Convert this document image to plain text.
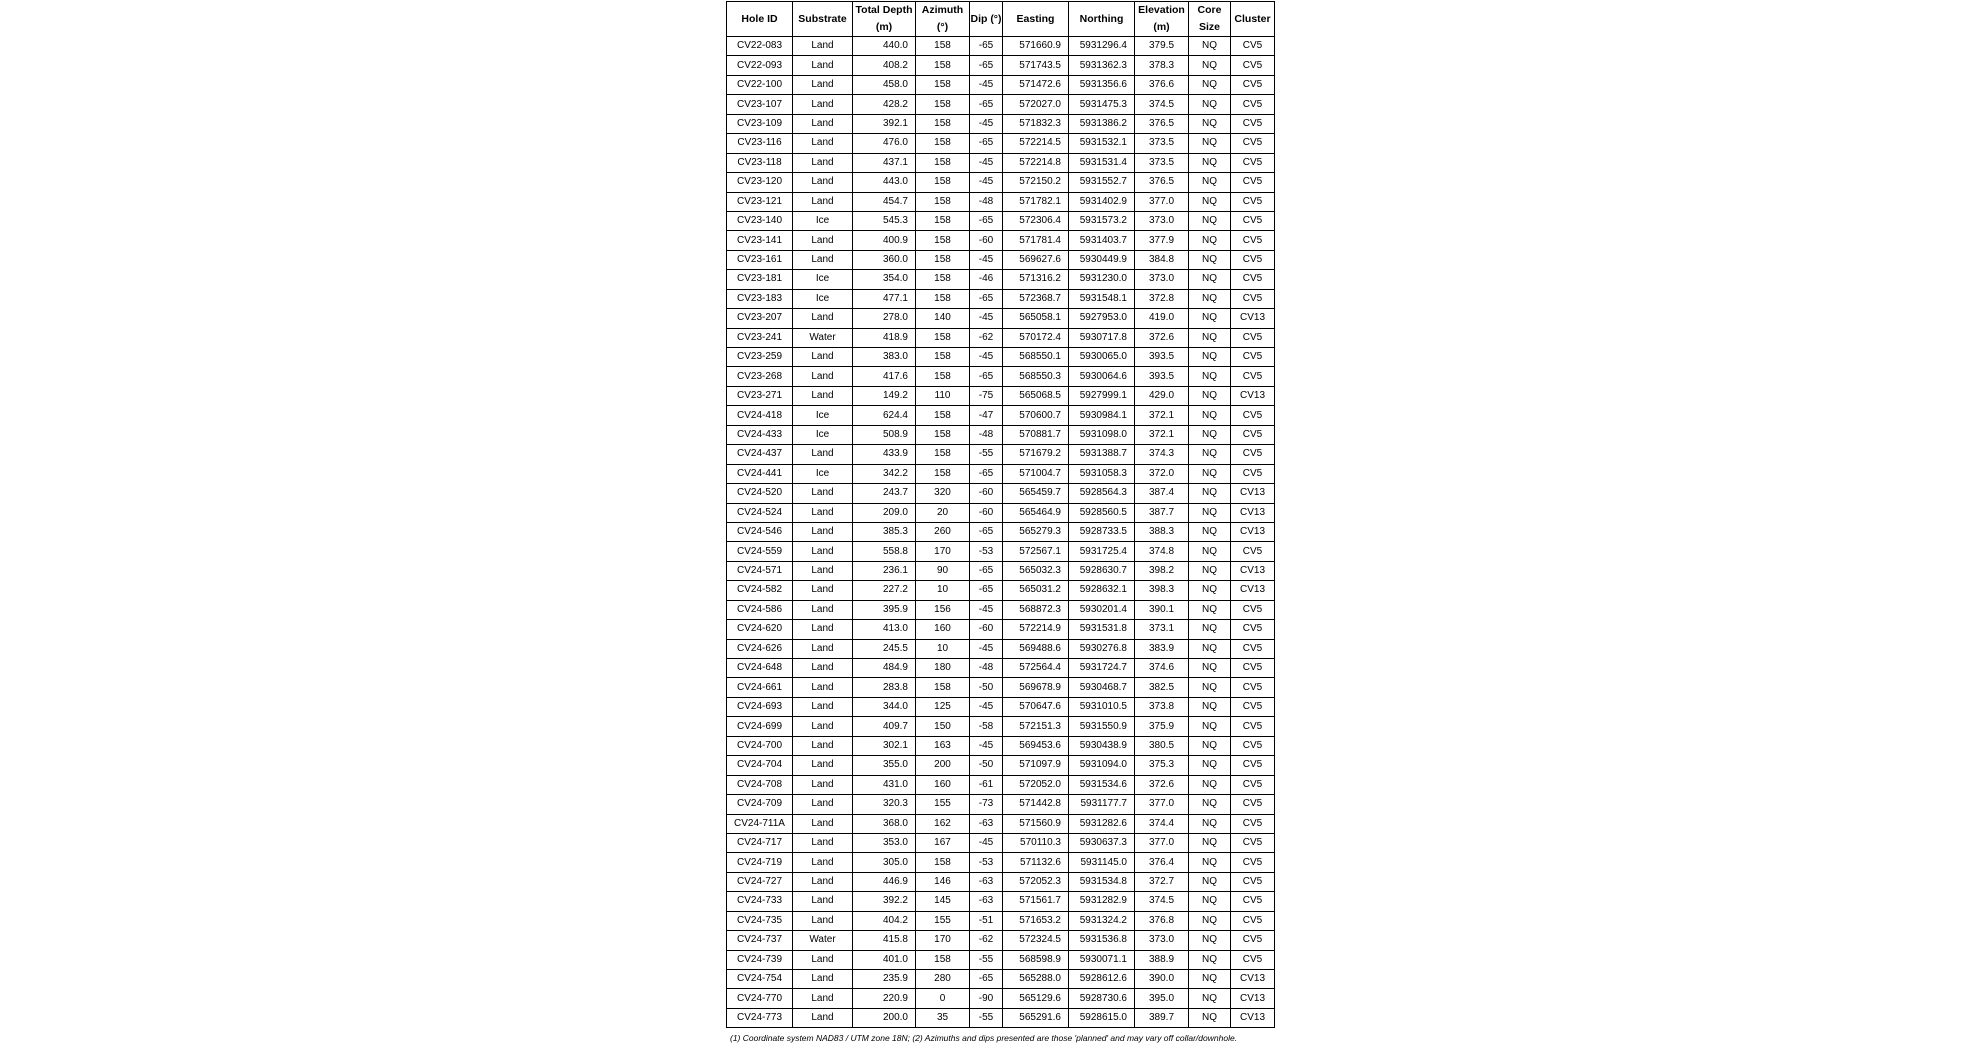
Hole ID	Substrate	Total Depth (m)	Azimuth (°)	Dip (°)	Easting	Northing	Elevation (m)	Core Size	Cluster
CV22-083	Land	440.0	158	-65	571660.9	5931296.4	379.5	NQ	CV5
CV22-093	Land	408.2	158	-65	571743.5	5931362.3	378.3	NQ	CV5
CV22-100	Land	458.0	158	-45	571472.6	5931356.6	376.6	NQ	CV5
CV23-107	Land	428.2	158	-65	572027.0	5931475.3	374.5	NQ	CV5
CV23-109	Land	392.1	158	-45	571832.3	5931386.2	376.5	NQ	CV5
CV23-116	Land	476.0	158	-65	572214.5	5931532.1	373.5	NQ	CV5
CV23-118	Land	437.1	158	-45	572214.8	5931531.4	373.5	NQ	CV5
CV23-120	Land	443.0	158	-45	572150.2	5931552.7	376.5	NQ	CV5
CV23-121	Land	454.7	158	-48	571782.1	5931402.9	377.0	NQ	CV5
CV23-140	Ice	545.3	158	-65	572306.4	5931573.2	373.0	NQ	CV5
CV23-141	Land	400.9	158	-60	571781.4	5931403.7	377.9	NQ	CV5
CV23-161	Land	360.0	158	-45	569627.6	5930449.9	384.8	NQ	CV5
CV23-181	Ice	354.0	158	-46	571316.2	5931230.0	373.0	NQ	CV5
CV23-183	Ice	477.1	158	-65	572368.7	5931548.1	372.8	NQ	CV5
CV23-207	Land	278.0	140	-45	565058.1	5927953.0	419.0	NQ	CV13
CV23-241	Water	418.9	158	-62	570172.4	5930717.8	372.6	NQ	CV5
CV23-259	Land	383.0	158	-45	568550.1	5930065.0	393.5	NQ	CV5
CV23-268	Land	417.6	158	-65	568550.3	5930064.6	393.5	NQ	CV5
CV23-271	Land	149.2	110	-75	565068.5	5927999.1	429.0	NQ	CV13
CV24-418	Ice	624.4	158	-47	570600.7	5930984.1	372.1	NQ	CV5
CV24-433	Ice	508.9	158	-48	570881.7	5931098.0	372.1	NQ	CV5
CV24-437	Land	433.9	158	-55	571679.2	5931388.7	374.3	NQ	CV5
CV24-441	Ice	342.2	158	-65	571004.7	5931058.3	372.0	NQ	CV5
CV24-520	Land	243.7	320	-60	565459.7	5928564.3	387.4	NQ	CV13
CV24-524	Land	209.0	20	-60	565464.9	5928560.5	387.7	NQ	CV13
CV24-546	Land	385.3	260	-65	565279.3	5928733.5	388.3	NQ	CV13
CV24-559	Land	558.8	170	-53	572567.1	5931725.4	374.8	NQ	CV5
CV24-571	Land	236.1	90	-65	565032.3	5928630.7	398.2	NQ	CV13
CV24-582	Land	227.2	10	-65	565031.2	5928632.1	398.3	NQ	CV13
CV24-586	Land	395.9	156	-45	568872.3	5930201.4	390.1	NQ	CV5
CV24-620	Land	413.0	160	-60	572214.9	5931531.8	373.1	NQ	CV5
CV24-626	Land	245.5	10	-45	569488.6	5930276.8	383.9	NQ	CV5
CV24-648	Land	484.9	180	-48	572564.4	5931724.7	374.6	NQ	CV5
CV24-661	Land	283.8	158	-50	569678.9	5930468.7	382.5	NQ	CV5
CV24-693	Land	344.0	125	-45	570647.6	5931010.5	373.8	NQ	CV5
CV24-699	Land	409.7	150	-58	572151.3	5931550.9	375.9	NQ	CV5
CV24-700	Land	302.1	163	-45	569453.6	5930438.9	380.5	NQ	CV5
CV24-704	Land	355.0	200	-50	571097.9	5931094.0	375.3	NQ	CV5
CV24-708	Land	431.0	160	-61	572052.0	5931534.6	372.6	NQ	CV5
CV24-709	Land	320.3	155	-73	571442.8	5931177.7	377.0	NQ	CV5
CV24-711A	Land	368.0	162	-63	571560.9	5931282.6	374.4	NQ	CV5
CV24-717	Land	353.0	167	-45	570110.3	5930637.3	377.0	NQ	CV5
CV24-719	Land	305.0	158	-53	571132.6	5931145.0	376.4	NQ	CV5
CV24-727	Land	446.9	146	-63	572052.3	5931534.8	372.7	NQ	CV5
CV24-733	Land	392.2	145	-63	571561.7	5931282.9	374.5	NQ	CV5
CV24-735	Land	404.2	155	-51	571653.2	5931324.2	376.8	NQ	CV5
CV24-737	Water	415.8	170	-62	572324.5	5931536.8	373.0	NQ	CV5
CV24-739	Land	401.0	158	-55	568598.9	5930071.1	388.9	NQ	CV5
CV24-754	Land	235.9	280	-65	565288.0	5928612.6	390.0	NQ	CV13
CV24-770	Land	220.9	0	-90	565129.6	5928730.6	395.0	NQ	CV13
CV24-773	Land	200.0	35	-55	565291.6	5928615.0	389.7	NQ	CV13
(1) Coordinate system NAD83 / UTM zone 18N; (2) Azimuths and dips presented are those 'planned' and may vary off collar/downhole.
